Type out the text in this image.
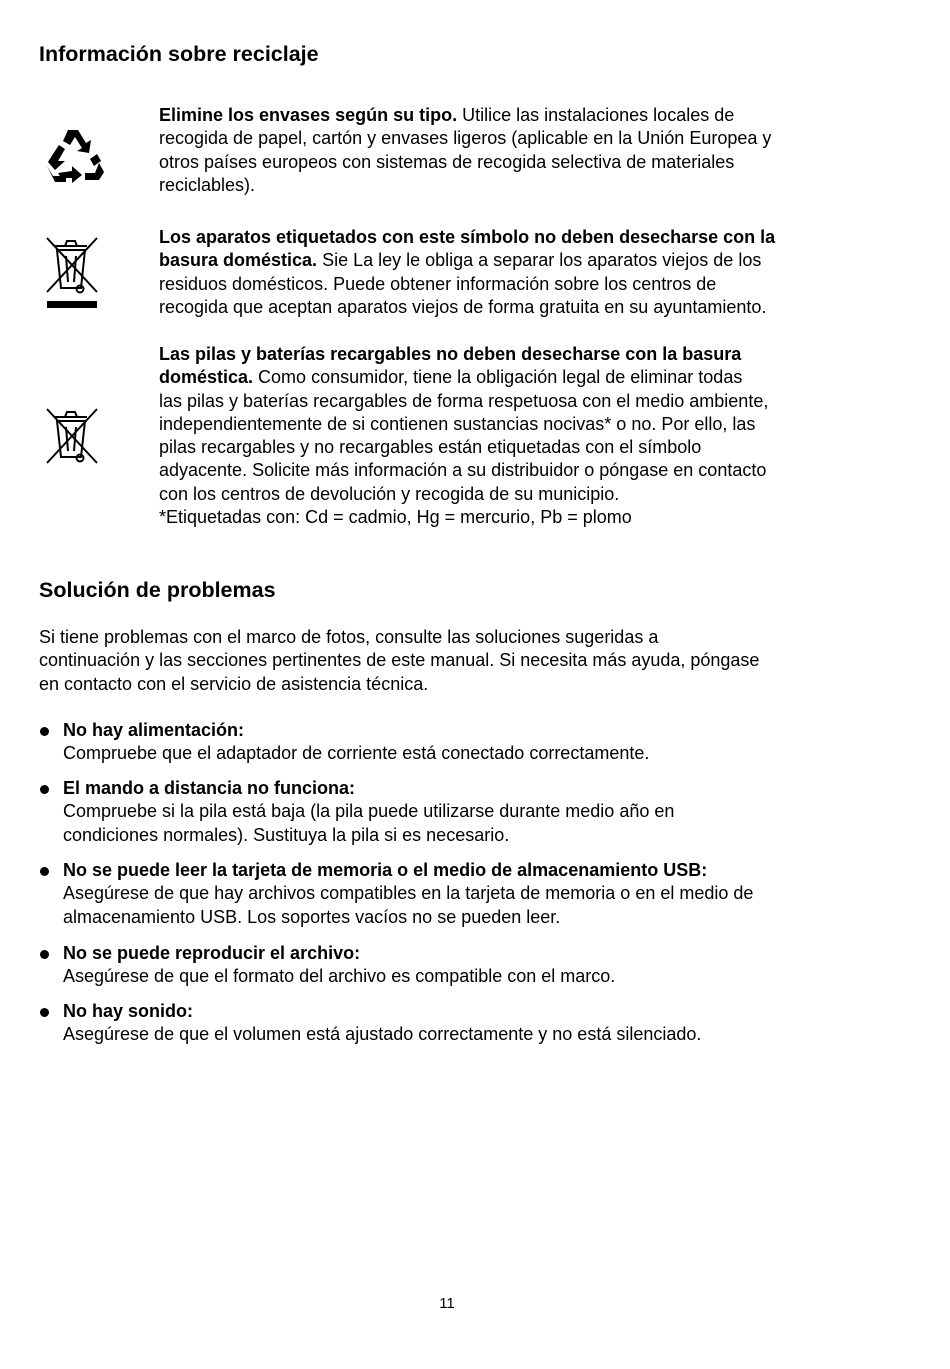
Información sobre reciclaje
Elimine los envases según su tipo. Utilice las instalaciones locales de
recogida de papel, cartón y envases ligeros (aplicable en la Unión Europea y
otros países europeos con sistemas de recogida selectiva de materiales
reciclables).
Los aparatos etiquetados con este símbolo no deben desecharse con la
basura doméstica. Sie La ley le obliga a separar los aparatos viejos de los
residuos domésticos. Puede obtener información sobre los centros de
recogida que aceptan aparatos viejos de forma gratuita en su ayuntamiento.
Las pilas y baterías recargables no deben desecharse con la basura
doméstica. Como consumidor, tiene la obligación legal de eliminar todas
las pilas y baterías recargables de forma respetuosa con el medio ambiente,
independientemente de si contienen sustancias nocivas* o no. Por ello, las
pilas recargables y no recargables están etiquetadas con el símbolo
adyacente. Solicite más información a su distribuidor o póngase en contacto
con los centros de devolución y recogida de su municipio.
*Etiquetadas con: Cd = cadmio, Hg = mercurio, Pb = plomo
Solución de problemas
Si tiene problemas con el marco de fotos, consulte las soluciones sugeridas a
continuación y las secciones pertinentes de este manual. Si necesita más ayuda, póngase
en contacto con el servicio de asistencia técnica.
No hay alimentación:
Compruebe que el adaptador de corriente está conectado correctamente.
El mando a distancia no funciona:
Compruebe si la pila está baja (la pila puede utilizarse durante medio año en
condiciones normales). Sustituya la pila si es necesario.
No se puede leer la tarjeta de memoria o el medio de almacenamiento USB:
Asegúrese de que hay archivos compatibles en la tarjeta de memoria o en el medio de
almacenamiento USB. Los soportes vacíos no se pueden leer.
No se puede reproducir el archivo:
Asegúrese de que el formato del archivo es compatible con el marco.
No hay sonido:
Asegúrese de que el volumen está ajustado correctamente y no está silenciado.
11
